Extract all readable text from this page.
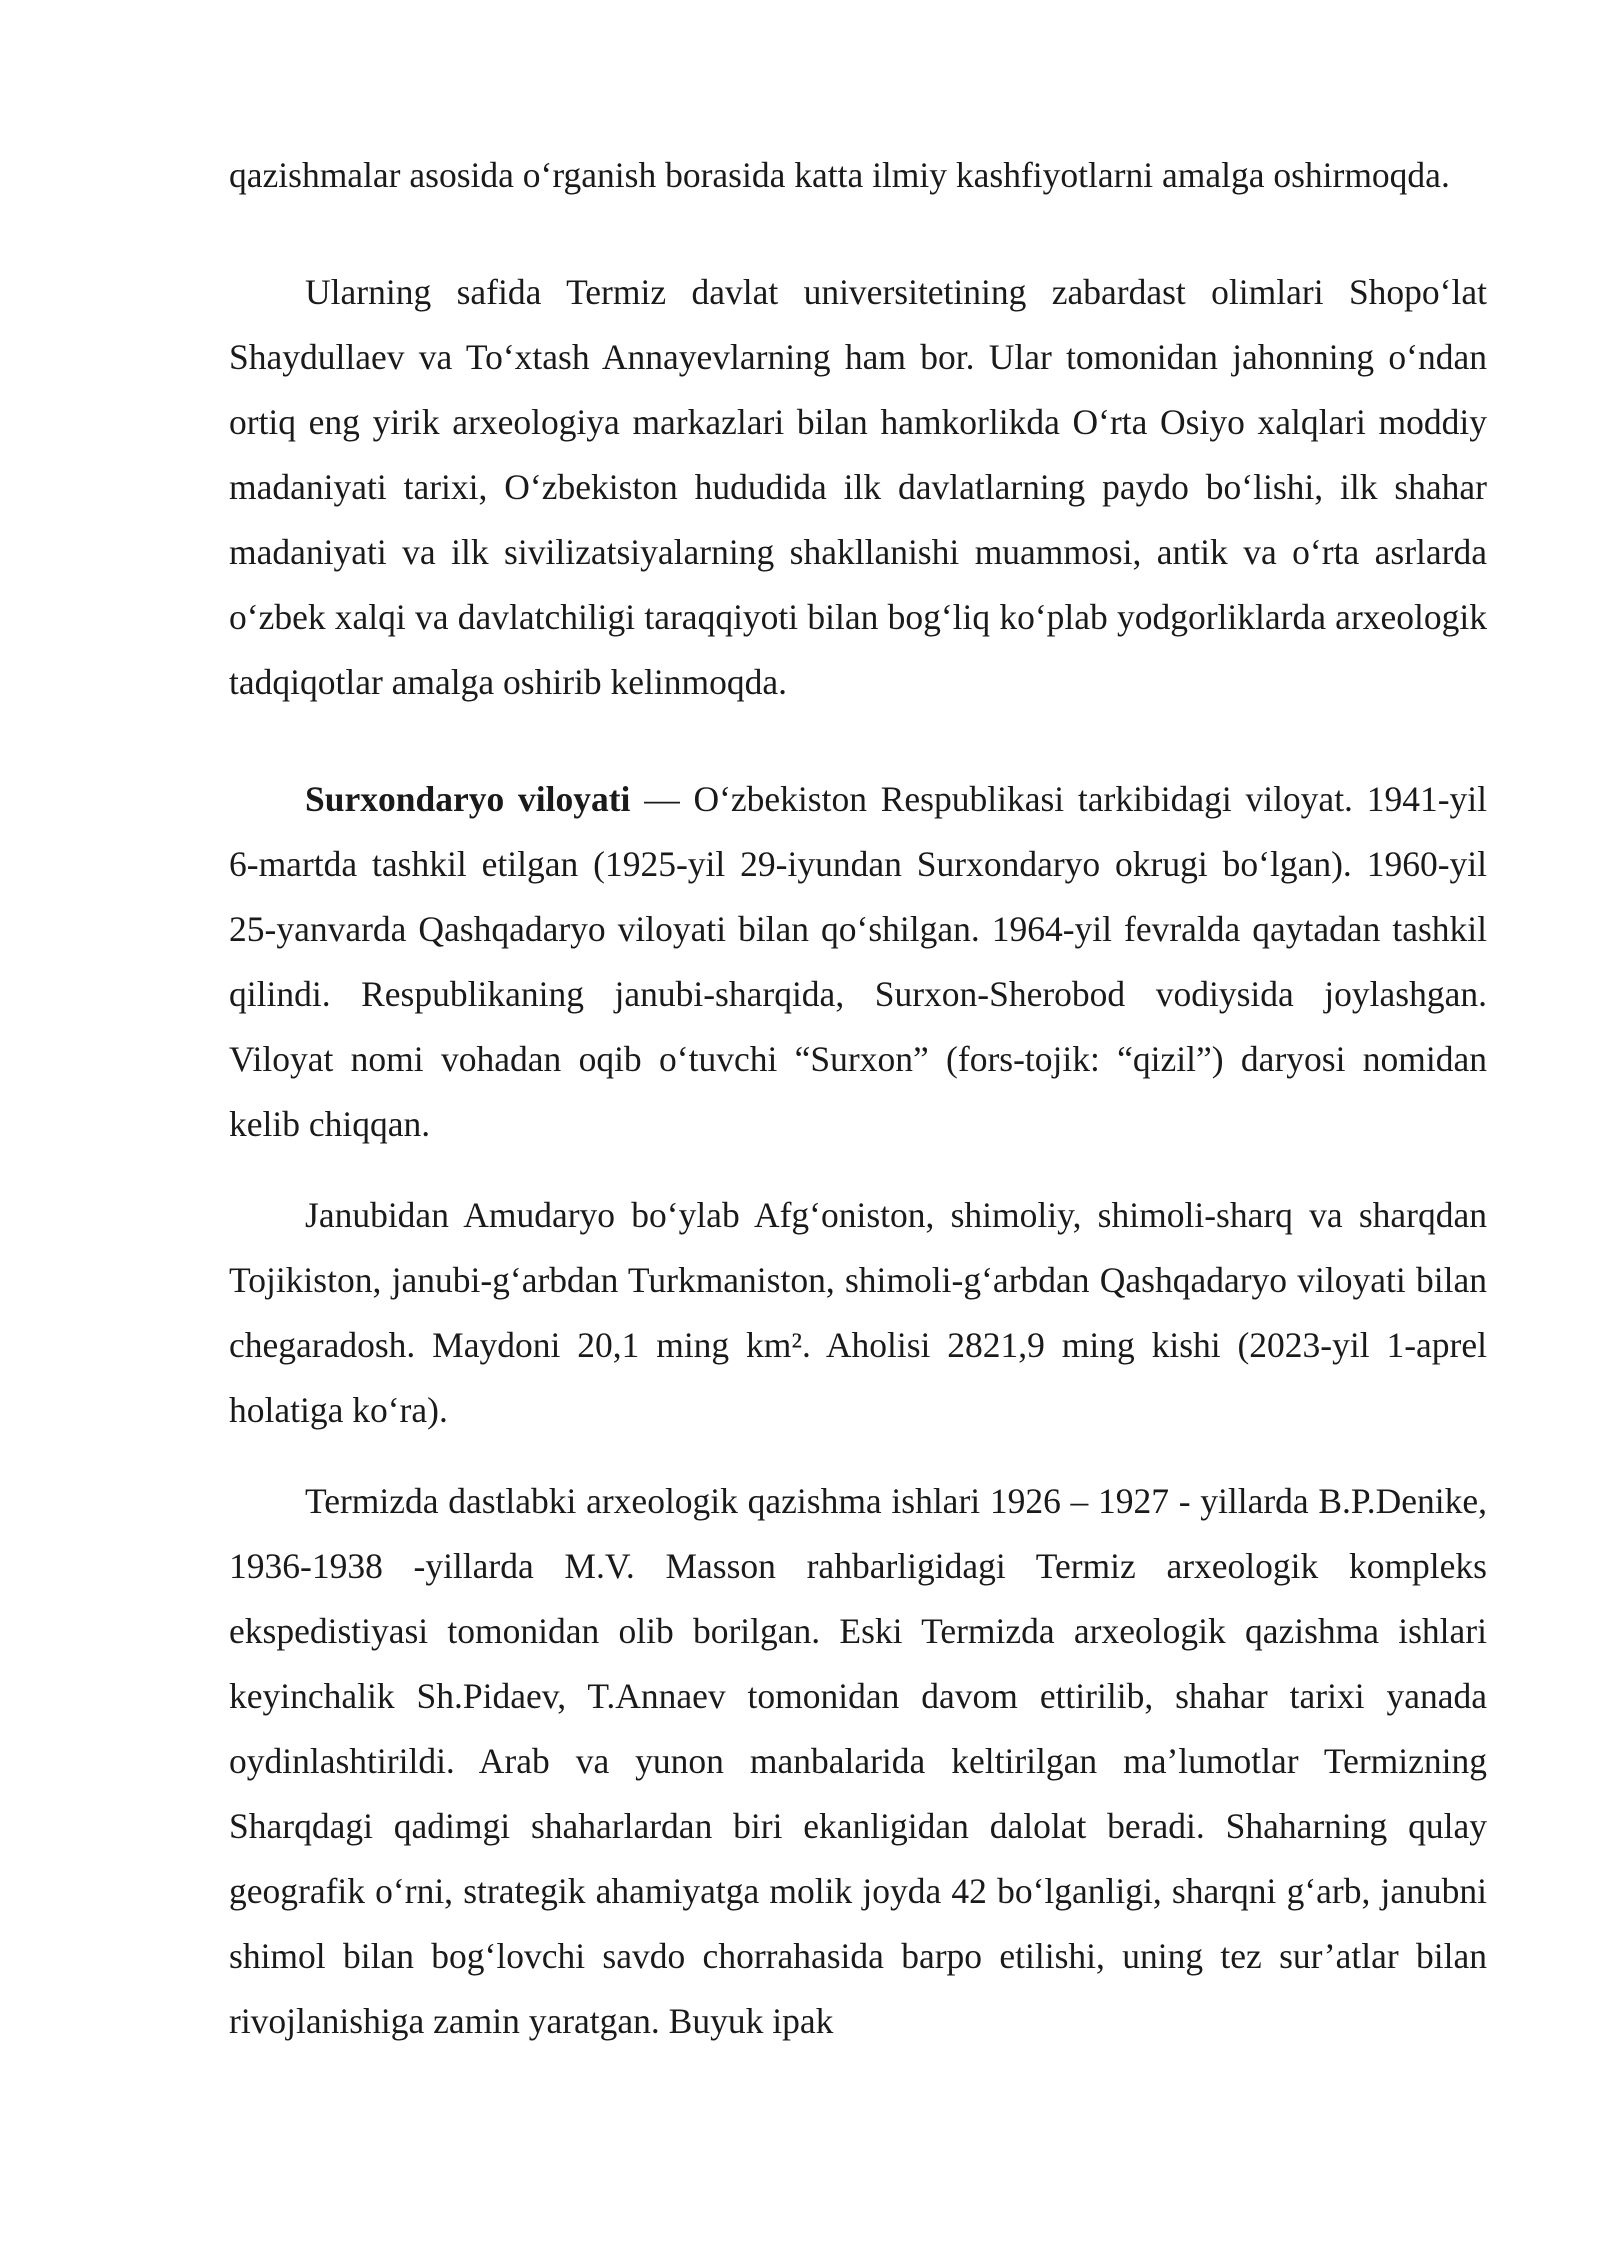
qazishmalar asosida o‘rganish borasida katta ilmiy kashfiyotlarni amalga oshirmoqda.

Ularning safida Termiz davlat universitetining zabardast olimlari Shopo‘lat Shaydullaev va To‘xtash Annayevlarning ham bor. Ular tomonidan jahonning o‘ndan ortiq eng yirik arxeologiya markazlari bilan hamkorlikda O‘rta Osiyo xalqlari moddiy madaniyati tarixi, O‘zbekiston hududida ilk davlatlarning paydo bo‘lishi, ilk shahar madaniyati va ilk sivilizatsiyalarning shakllanishi muammosi, antik va o‘rta asrlarda o‘zbek xalqi va davlatchiligi taraqqiyoti bilan bog‘liq ko‘plab yodgorliklarda arxeologik tadqiqotlar amalga oshirib kelinmoqda.

Surxondaryo viloyati — O‘zbekiston Respublikasi tarkibidagi viloyat. 1941-yil 6-martda tashkil etilgan (1925-yil 29-iyundan Surxondaryo okrugi bo‘lgan). 1960-yil 25-yanvarda Qashqadaryo viloyati bilan qo‘shilgan. 1964-yil fevralda qaytadan tashkil qilindi. Respublikaning janubi-sharqida, Surxon-Sherobod vodiysida joylashgan. Viloyat nomi vohadan oqib o‘tuvchi “Surxon” (fors-tojik: “qizil”) daryosi nomidan kelib chiqqan.

Janubidan Amudaryo bo‘ylab Afg‘oniston, shimoliy, shimoli-sharq va sharqdan Tojikiston, janubi-g‘arbdan Turkmaniston, shimoli-g‘arbdan Qashqadaryo viloyati bilan chegaradosh. Maydoni 20,1 ming km². Aholisi 2821,9 ming kishi (2023-yil 1-aprel holatiga ko‘ra).

Termizda dastlabki arxeologik qazishma ishlari 1926 – 1927 - yillarda B.P.Denike, 1936-1938 -yillarda M.V. Masson rahbarligidagi Termiz arxeologik kompleks ekspedistiyasi tomonidan olib borilgan. Eski Termizda arxeologik qazishma ishlari keyinchalik Sh.Pidaev, T.Annaev tomonidan davom ettirilib, shahar tarixi yanada oydinlashtirildi. Arab va yunon manbalarida keltirilgan ma’lumotlar Termizning Sharqdagi qadimgi shaharlardan biri ekanligidan dalolat beradi. Shaharning qulay geografik o‘rni, strategik ahamiyatga molik joyda 42 bo‘lganligi, sharqni g‘arb, janubni shimol bilan bog‘lovchi savdo chorrahasida barpo etilishi, uning tez sur’atlar bilan rivojlanishiga zamin yaratgan. Buyuk ipak
